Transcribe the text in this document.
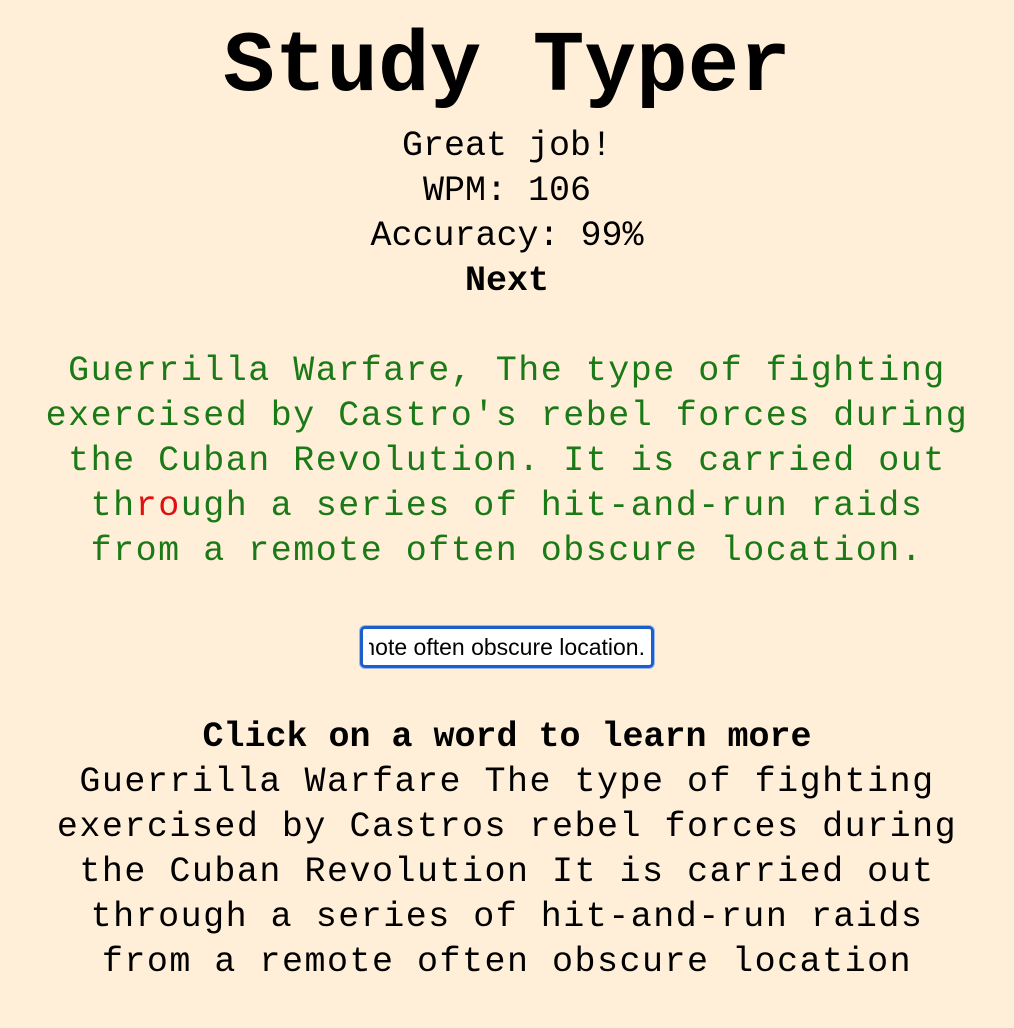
Study Typer

Great job!

WPM: 106

Accuracy: 99%

Next
Guerrilla Warfare, The type of fighting
exercised by Castro's rebel forces during
the Cuban Revolution. It is carried out
through a series of hit-and-run raids
from a remote often obscure location.
from a remote often obscure location.
Click on a word to learn more
Guerrilla Warfare The type of fighting
exercised by Castros rebel forces during
the Cuban Revolution It is carried out
through a series of hit-and-run raids
from a remote often obscure location
